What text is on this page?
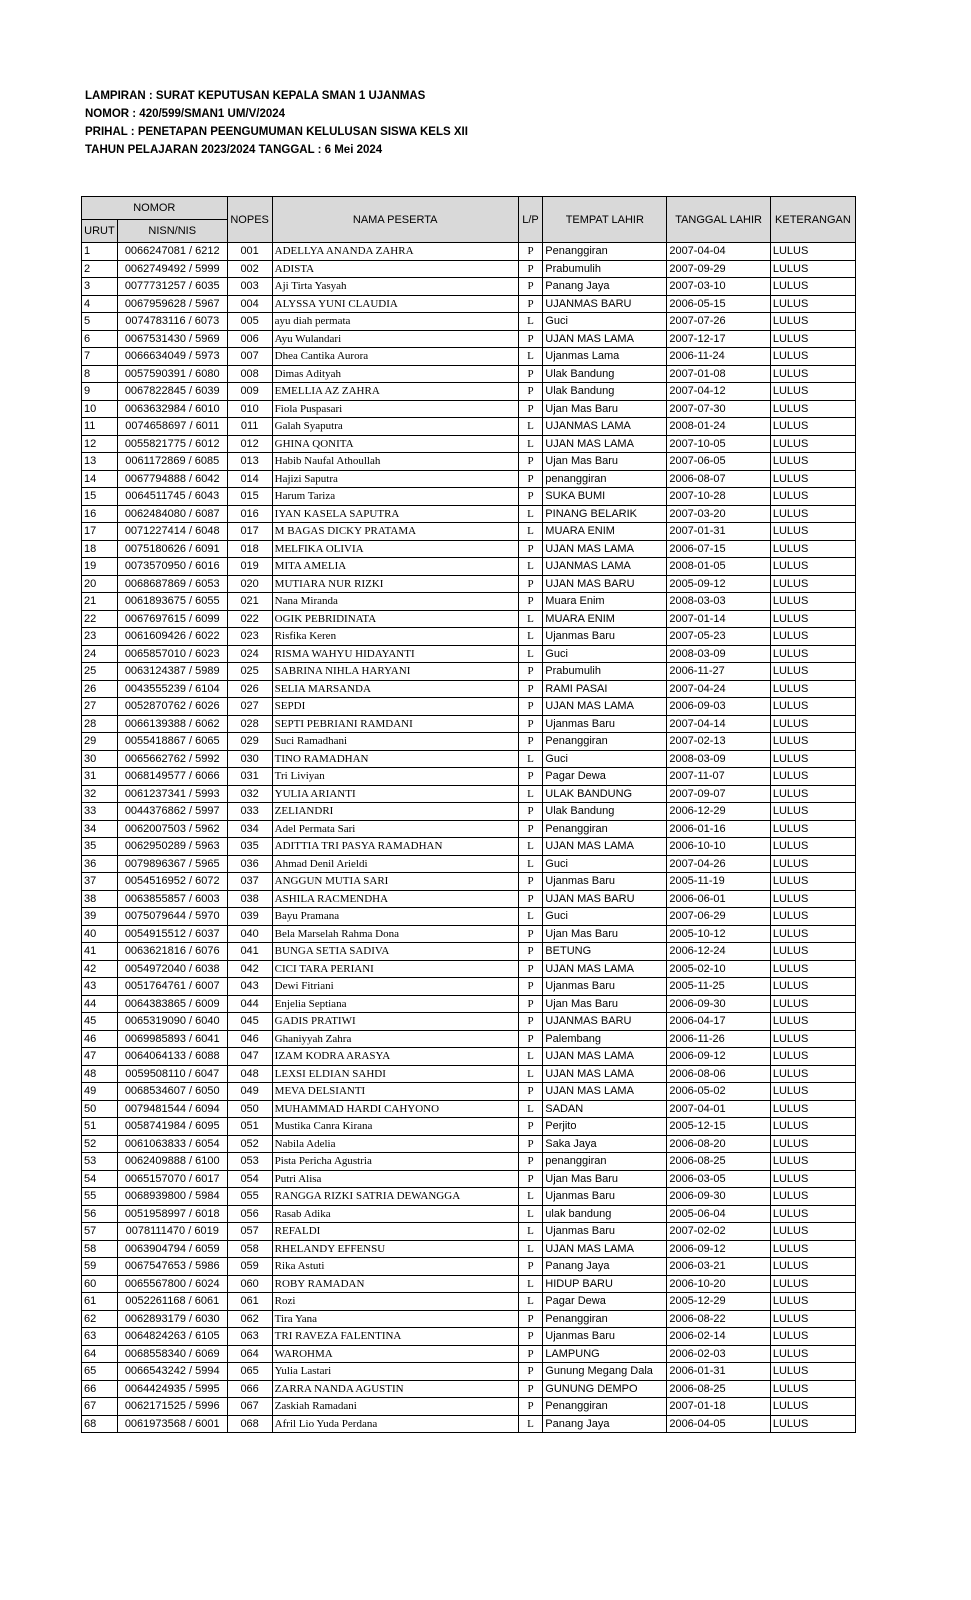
LAMPIRAN : SURAT KEPUTUSAN KEPALA SMAN 1 UJANMAS
NOMOR : 420/599/SMAN1 UM/V/2024
PRIHAL : PENETAPAN PEENGUMUMAN KELULUSAN SISWA KELS XII
TAHUN PELAJARAN 2023/2024 TANGGAL : 6 Mei 2024
NOMOR		NOPES	NAMA PESERTA	L/P	TEMPAT LAHIR	TANGGAL LAHIR	KETERANGAN
URUT	NISN/NIS						
1	0066247081 / 6212	001	ADELLYA ANANDA ZAHRA	P	Penanggiran	2007-04-04	LULUS
2	0062749492 / 5999	002	ADISTA	P	Prabumulih	2007-09-29	LULUS
3	0077731257 / 6035	003	Aji Tirta Yasyah	P	Panang Jaya	2007-03-10	LULUS
4	0067959628 / 5967	004	ALYSSA YUNI CLAUDIA	P	UJANMAS BARU	2006-05-15	LULUS
5	0074783116 / 6073	005	ayu diah permata	L	Guci	2007-07-26	LULUS
6	0067531430 / 5969	006	Ayu Wulandari	P	UJAN MAS LAMA	2007-12-17	LULUS
7	0066634049 / 5973	007	Dhea Cantika Aurora	L	Ujanmas Lama	2006-11-24	LULUS
8	0057590391 / 6080	008	Dimas Adityah	P	Ulak Bandung	2007-01-08	LULUS
9	0067822845 / 6039	009	EMELLIA AZ ZAHRA	P	Ulak Bandung	2007-04-12	LULUS
10	0063632984 / 6010	010	Fiola Puspasari	P	Ujan Mas Baru	2007-07-30	LULUS
11	0074658697 / 6011	011	Galah Syaputra	L	UJANMAS LAMA	2008-01-24	LULUS
12	0055821775 / 6012	012	GHINA QONITA	L	UJAN MAS LAMA	2007-10-05	LULUS
13	0061172869 / 6085	013	Habib Naufal Athoullah	P	Ujan Mas Baru	2007-06-05	LULUS
14	0067794888 / 6042	014	Hajizi Saputra	P	penanggiran	2006-08-07	LULUS
15	0064511745 / 6043	015	Harum Tariza	P	SUKA BUMI	2007-10-28	LULUS
16	0062484080 / 6087	016	IYAN KASELA SAPUTRA	L	PINANG BELARIK	2007-03-20	LULUS
17	0071227414 / 6048	017	M BAGAS DICKY PRATAMA	L	MUARA ENIM	2007-01-31	LULUS
18	0075180626 / 6091	018	MELFIKA OLIVIA	P	UJAN MAS LAMA	2006-07-15	LULUS
19	0073570950 / 6016	019	MITA AMELIA	L	UJANMAS LAMA	2008-01-05	LULUS
20	0068687869 / 6053	020	MUTIARA NUR RIZKI	P	UJAN MAS BARU	2005-09-12	LULUS
21	0061893675 / 6055	021	Nana Miranda	P	Muara Enim	2008-03-03	LULUS
22	0067697615 / 6099	022	OGIK PEBRIDINATA	L	MUARA ENIM	2007-01-14	LULUS
23	0061609426 / 6022	023	Risfika Keren	L	Ujanmas Baru	2007-05-23	LULUS
24	0065857010 / 6023	024	RISMA WAHYU HIDAYANTI	L	Guci	2008-03-09	LULUS
25	0063124387 / 5989	025	SABRINA NIHLA HARYANI	P	Prabumulih	2006-11-27	LULUS
26	0043555239 / 6104	026	SELIA MARSANDA	P	RAMI PASAI	2007-04-24	LULUS
27	0052870762 / 6026	027	SEPDI	P	UJAN MAS LAMA	2006-09-03	LULUS
28	0066139388 / 6062	028	SEPTI PEBRIANI RAMDANI	P	Ujanmas Baru	2007-04-14	LULUS
29	0055418867 / 6065	029	Suci Ramadhani	P	Penanggiran	2007-02-13	LULUS
30	0065662762 / 5992	030	TINO RAMADHAN	L	Guci	2008-03-09	LULUS
31	0068149577 / 6066	031	Tri Liviyan	P	Pagar Dewa	2007-11-07	LULUS
32	0061237341 / 5993	032	YULIA ARIANTI	L	ULAK BANDUNG	2007-09-07	LULUS
33	0044376862 / 5997	033	ZELIANDRI	P	Ulak Bandung	2006-12-29	LULUS
34	0062007503 / 5962	034	Adel Permata Sari	P	Penanggiran	2006-01-16	LULUS
35	0062950289 / 5963	035	ADITTIA TRI PASYA RAMADHAN	L	UJAN MAS LAMA	2006-10-10	LULUS
36	0079896367 / 5965	036	Ahmad Denil Arieldi	L	Guci	2007-04-26	LULUS
37	0054516952 / 6072	037	ANGGUN MUTIA SARI	P	Ujanmas Baru	2005-11-19	LULUS
38	0063855857 / 6003	038	ASHILA RACMENDHA	P	UJAN MAS BARU	2006-06-01	LULUS
39	0075079644 / 5970	039	Bayu Pramana	L	Guci	2007-06-29	LULUS
40	0054915512 / 6037	040	Bela Marselah Rahma Dona	P	Ujan Mas Baru	2005-10-12	LULUS
41	0063621816 / 6076	041	BUNGA SETIA SADIVA	P	BETUNG	2006-12-24	LULUS
42	0054972040 / 6038	042	CICI TARA PERIANI	P	UJAN MAS LAMA	2005-02-10	LULUS
43	0051764761 / 6007	043	Dewi Fitriani	P	Ujanmas Baru	2005-11-25	LULUS
44	0064383865 / 6009	044	Enjelia Septiana	P	Ujan Mas Baru	2006-09-30	LULUS
45	0065319090 / 6040	045	GADIS PRATIWI	P	UJANMAS BARU	2006-04-17	LULUS
46	0069985893 / 6041	046	Ghaniyyah Zahra	P	Palembang	2006-11-26	LULUS
47	0064064133 / 6088	047	IZAM KODRA ARASYA	L	UJAN MAS LAMA	2006-09-12	LULUS
48	0059508110 / 6047	048	LEXSI ELDIAN SAHDI	L	UJAN MAS LAMA	2006-08-06	LULUS
49	0068534607 / 6050	049	MEVA DELSIANTI	P	UJAN MAS LAMA	2006-05-02	LULUS
50	0079481544 / 6094	050	MUHAMMAD HARDI CAHYONO	L	SADAN	2007-04-01	LULUS
51	0058741984 / 6095	051	Mustika Canra Kirana	P	Perjito	2005-12-15	LULUS
52	0061063833 / 6054	052	Nabila Adelia	P	Saka Jaya	2006-08-20	LULUS
53	0062409888 / 6100	053	Pista Pericha Agustria	P	penanggiran	2006-08-25	LULUS
54	0065157070 / 6017	054	Putri Alisa	P	Ujan Mas Baru	2006-03-05	LULUS
55	0068939800 / 5984	055	RANGGA RIZKI SATRIA DEWANGGA	L	Ujanmas Baru	2006-09-30	LULUS
56	0051958997 / 6018	056	Rasab Adika	L	ulak bandung	2005-06-04	LULUS
57	0078111470 / 6019	057	REFALDI	L	Ujanmas Baru	2007-02-02	LULUS
58	0063904794 / 6059	058	RHELANDY EFFENSU	L	UJAN MAS LAMA	2006-09-12	LULUS
59	0067547653 / 5986	059	Rika Astuti	P	Panang Jaya	2006-03-21	LULUS
60	0065567800 / 6024	060	ROBY RAMADAN	L	HIDUP BARU	2006-10-20	LULUS
61	0052261168 / 6061	061	Rozi	L	Pagar Dewa	2005-12-29	LULUS
62	0062893179 / 6030	062	Tira Yana	P	Penanggiran	2006-08-22	LULUS
63	0064824263 / 6105	063	TRI RAVEZA FALENTINA	P	Ujanmas Baru	2006-02-14	LULUS
64	0068558340 / 6069	064	WAROHMA	P	LAMPUNG	2006-02-03	LULUS
65	0066543242 / 5994	065	Yulia Lastari	P	Gunung Megang Dala	2006-01-31	LULUS
66	0064424935 / 5995	066	ZARRA NANDA AGUSTIN	P	GUNUNG DEMPO	2006-08-25	LULUS
67	0062171525 / 5996	067	Zaskiah Ramadani	P	Penanggiran	2007-01-18	LULUS
68	0061973568 / 6001	068	Afril Lio Yuda Perdana	L	Panang Jaya	2006-04-05	LULUS
